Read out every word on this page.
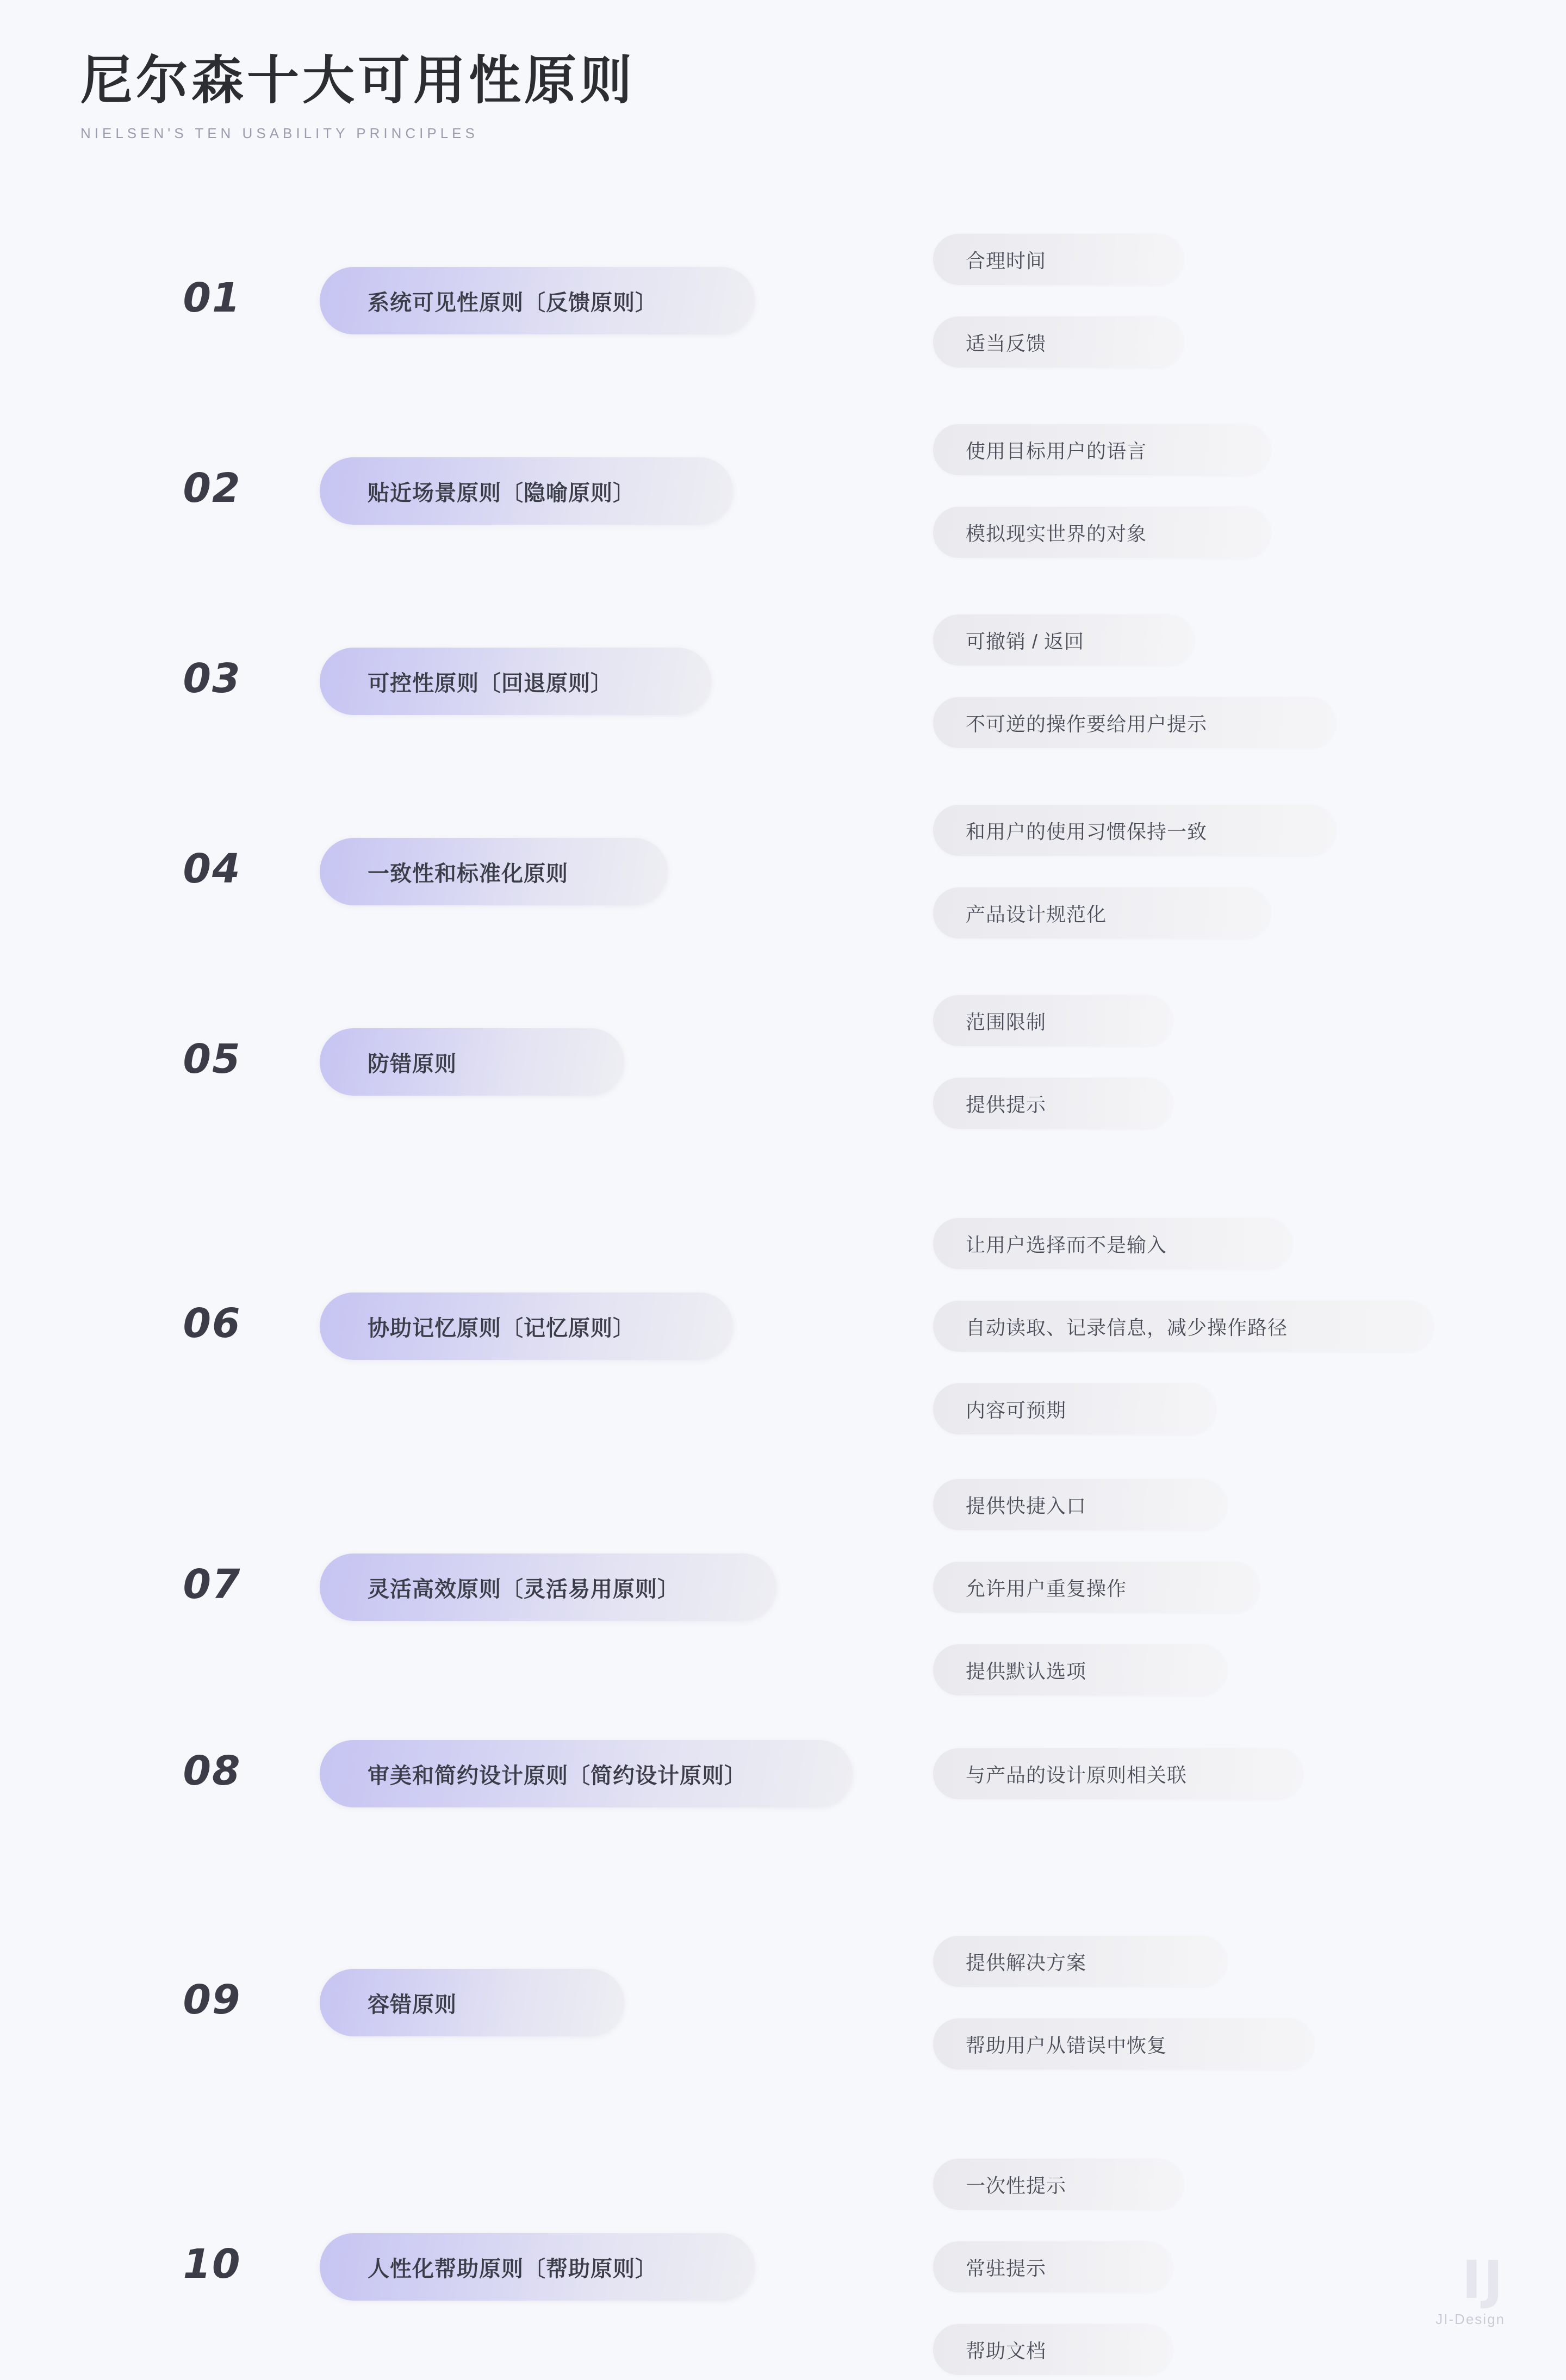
尼尔森十大可用性原则
NIELSEN'S TEN USABILITY PRINCIPLES
01	系统可见性原则〔反馈原则〕
合理时间
适当反馈
02	贴近场景原则〔隐喻原则〕
使用目标用户的语言
模拟现实世界的对象
03	可控性原则〔回退原则〕
可撤销 / 返回
不可逆的操作要给用户提示
04	一致性和标准化原则
和用户的使用习惯保持一致
产品设计规范化
05	防错原则
范围限制
提供提示
06	协助记忆原则〔记忆原则〕
让用户选择而不是输入
自动读取、记录信息，减少操作路径
内容可预期
07	灵活高效原则〔灵活易用原则〕
提供快捷入口
允许用户重复操作
提供默认选项
08	审美和简约设计原则〔简约设计原则〕	与产品的设计原则相关联
09	容错原则
提供解决方案
帮助用户从错误中恢复
10	人性化帮助原则〔帮助原则〕
一次性提示
常驻提示
帮助文档
IJ
JI-Design
